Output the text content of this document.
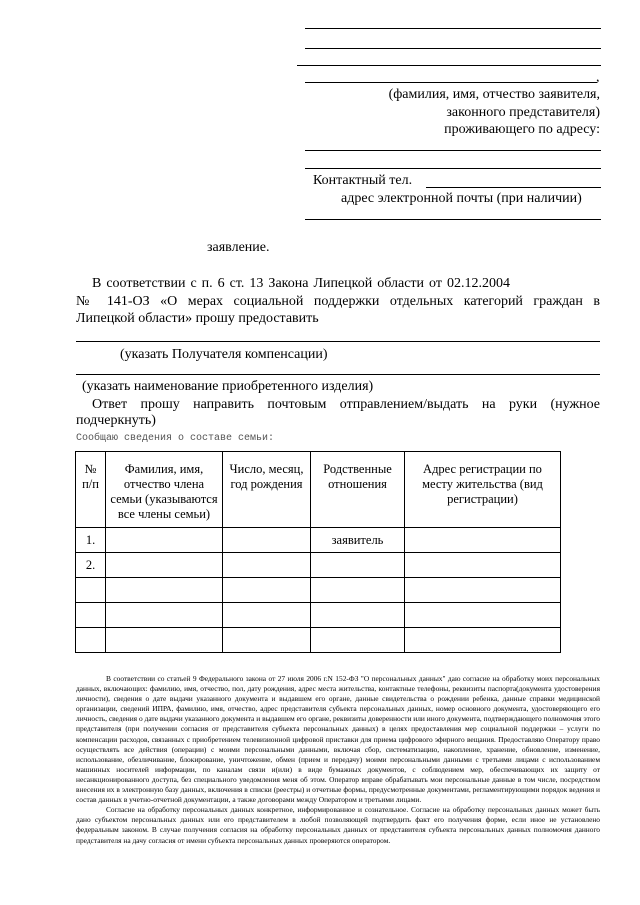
,
(фамилия, имя, отчество заявителя,
законного представителя)
проживающего по адресу:
Контактный тел.
адрес электронной почты (при наличии)
заявление.
В соответствии с п. 6 ст. 13 Закона Липецкой области от 02.12.2004
№ 141-ОЗ «О мерах социальной поддержки отдельных категорий граждан в
Липецкой области» прошу предоставить
(указать Получателя компенсации)
(указать наименование приобретенного изделия)
Ответ прошу направить почтовым отправлением/выдать на руки (нужное
подчеркнуть)
Сообщаю сведения о составе семьи:
№ п/п	Фамилия, имя, отчество члена семьи (указываются все члены семьи)	Число, месяц, год рождения	Родственные отношения	Адрес регистрации по месту жительства (вид регистрации)
1.			заявитель	
2.				

В соответствии со статьей 9 Федерального закона от 27 июля 2006 г.N 152-ФЗ "О персональных данных" даю согласие на обработку моих персональных данных, включающих: фамилию, имя, отчество, пол, дату рождения, адрес места жительства, контактные телефоны, реквизиты паспорта(документа удостоверения личности), сведения о дате выдачи указанного документа и выдавшем его органе, данные свидетельства о рождении ребенка, данные справки медицинской организации, сведений ИПРА, фамилию, имя, отчество, адрес представителя субъекта персональных данных, номер основного документа, удостоверяющего его личность, сведения о дате выдачи указанного документа и выдавшем его органе, реквизиты доверенности или иного документа, подтверждающего полномочия этого представителя (при получении согласия от представителя субъекта персональных данных) в целях предоставления мер социальной поддержки – услуги по компенсации расходов, связанных с приобретением телевизионной цифровой приставки для приема цифрового эфирного вещания. Предоставляю Оператору право осуществлять все действия (операции) с моими персональными данными, включая сбор, систематизацию, накопление, хранение, обновление, изменение, использование, обезличивание, блокирование, уничтожение, обмен (прием и передачу) моими персональными данными с третьими лицами с использованием машинных носителей информации, по каналам связи и(или) в виде бумажных документов, с соблюдением мер, обеспечивающих их защиту от несанкционированного доступа, без специального уведомления меня об этом. Оператор вправе обрабатывать мои персональные данные в том числе, посредством внесения их в электронную базу данных, включения в списки (реестры) и отчетные формы, предусмотренные документами, регламентирующими порядок ведения и состав данных в учетно-отчетной документации, а также договорами между Оператором и третьими лицами.

Согласие на обработку персональных данных конкретное, информированное и сознательное. Согласие на обработку персональных данных может быть дано субъектом персональных данных или его представителем в любой позволяющей подтвердить факт его получения форме, если иное не установлено федеральным законом. В случае получения согласия на обработку персональных данных от представителя субъекта персональных данных полномочия данного представителя на дачу согласия от имени субъекта персональных данных проверяются оператором.
